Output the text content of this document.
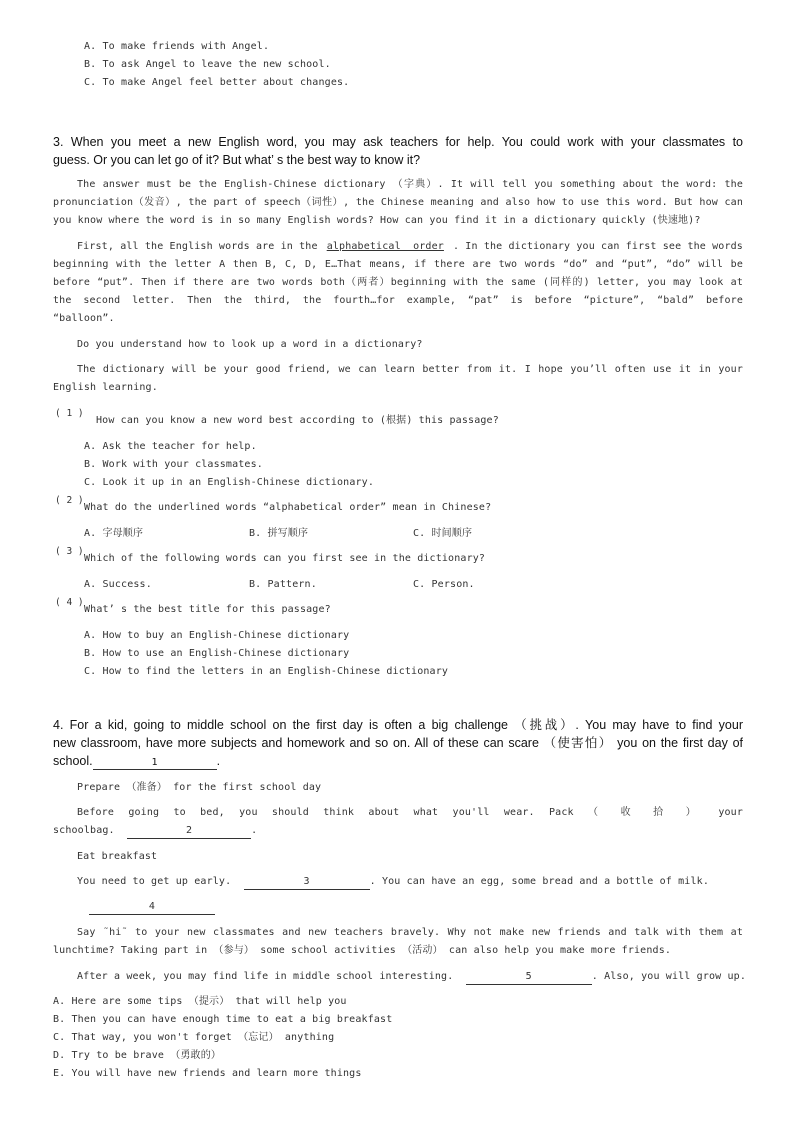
A. To make friends with Angel.
B. To ask Angel to leave the new school.
C. To make Angel feel better about changes.
3. When you meet a new English word, you may ask teachers for help. You could work with your classmates to
guess. Or you can let go of it? But what’ s the best way to know it?
The answer must be the English-Chinese dictionary （字典）. It will tell you something about the word: the
pronunciation（发音）, the part of speech（词性）, the Chinese meaning and also how to use this word. But how can
you know where the word is in so many English words? How can you find it in a dictionary quickly (快速地)?
First, all the English words are in the alphabetical  order . In the dictionary you can first see the words
beginning with the letter A then B, C, D, E…That means, if there are two words “do” and “put”, “do” will be
before “put”. Then if there are two words both（两者）beginning with the same (同样的) letter, you may look at
the second letter. Then the third, the fourth…for example, “pat” is before “picture”, “bald” before
“balloon”.
Do you understand how to look up a word in a dictionary?
The dictionary will be your good friend, we can learn better from it. I hope you’ll often use it in your
English learning.
( 1 )
How can you know a new word best according to (根据) this passage?
A. Ask the teacher for help.
B. Work with your classmates.
C. Look it up in an English-Chinese dictionary.
( 2 )
What do the underlined words “alphabetical order” mean in Chinese?
A. 字母顺序	B. 拼写顺序	C. 时间顺序
( 3 )
Which of the following words can you first see in the dictionary?
A. Success.	B. Pattern.	C. Person.
( 4 )
What’ s the best title for this passage?
A. How to buy an English-Chinese dictionary
B. How to use an English-Chinese dictionary
C. How to find the letters in an English-Chinese dictionary
4. For a kid, going to middle school on the first day is often a big challenge （挑战）. You may have to find your
new classroom, have more subjects and homework and so on. All of these can scare （使害怕） you on the first day of
school.	1	.
Prepare （准备） for the first school day
Before going to bed, you should think about what you'll wear. Pack （ 收 拾 ） your
schoolbag.	2	.
Eat breakfast
You need to get up early.	3	. You can have an egg, some bread and a bottle of milk.
4
Say ˜hi˜ to your new classmates and new teachers bravely. Why not make new friends and talk with them at
lunchtime? Taking part in （参与） some school activities （活动） can also help you make more friends.
After a week, you may find life in middle school interesting.	5	. Also, you will grow up.
A. Here are some tips （提示） that will help you
B. Then you can have enough time to eat a big breakfast
C. That way, you won't forget （忘记） anything
D. Try to be brave （勇敢的）
E. You will have new friends and learn more things
